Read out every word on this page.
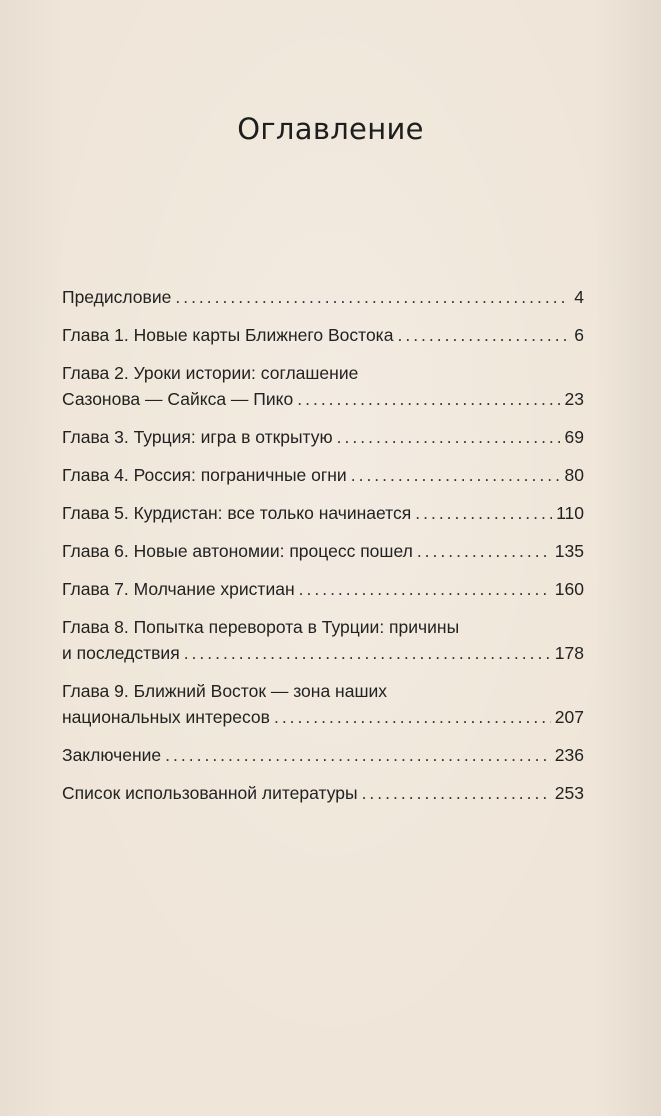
Оглавление
Предисловие .....	4
Глава 1. Новые карты Ближнего Востока .....	6
Глава 2. Уроки истории: соглашение
Сазонова — Сайкса — Пико .....	23
Глава 3. Турция: игра в открытую .....	69
Глава 4. Россия: пограничные огни .....	80
Глава 5. Курдистан: все только начинается .....	110
Глава 6. Новые автономии: процесс пошел .....	135
Глава 7. Молчание христиан .....	160
Глава 8. Попытка переворота в Турции: причины
и последствия .....	178
Глава 9. Ближний Восток — зона наших
национальных интересов .....	207
Заключение .....	236
Список использованной литературы .....	253
